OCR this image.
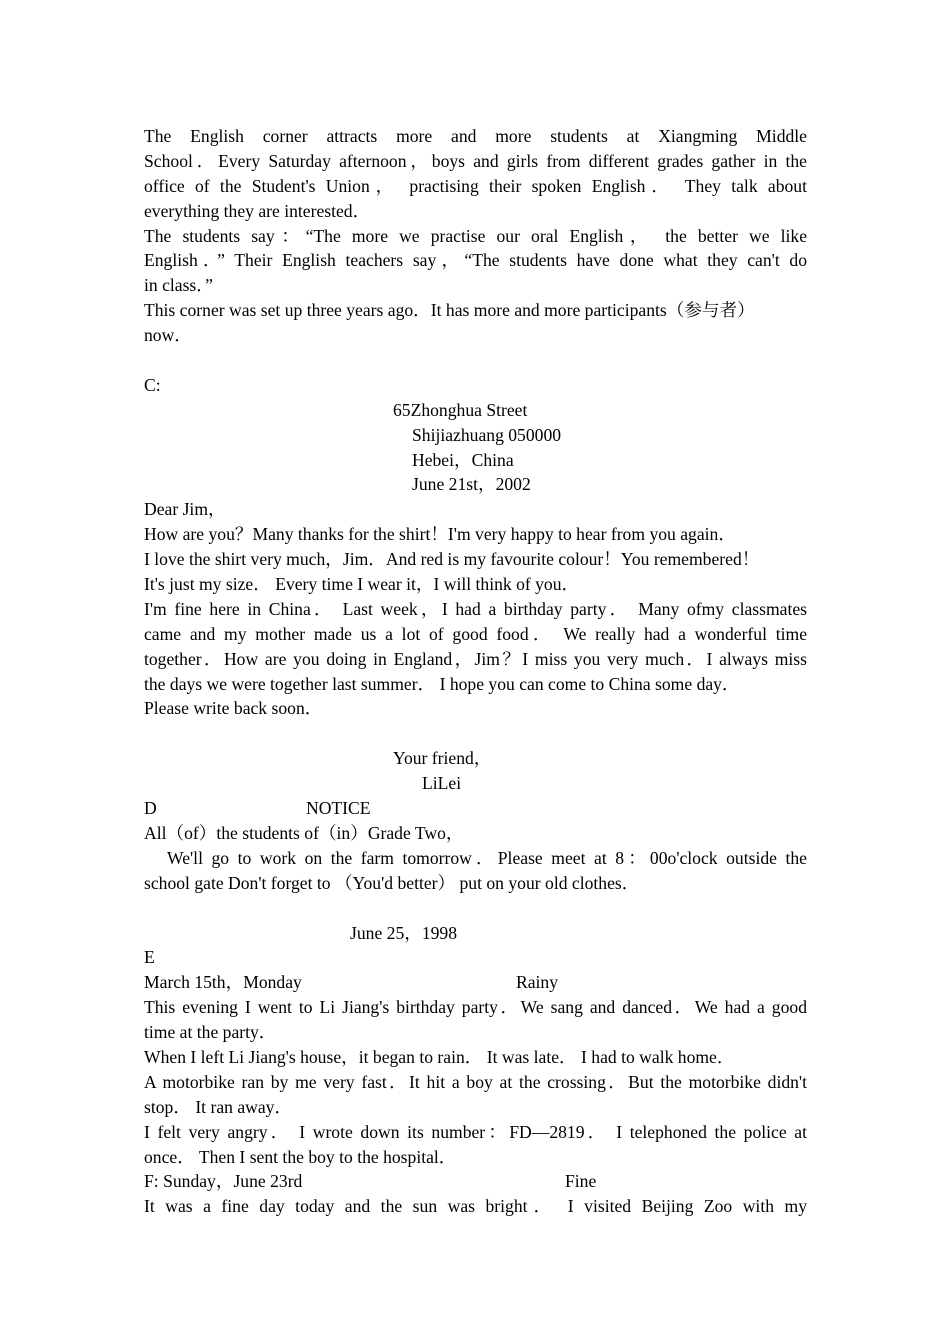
The English corner attracts more and more students at Xiangming Middle
School．Every Saturday afternoon，boys and girls from different grades gather in the
office of the Student's Union， practising their spoken English． They talk about
everything they are interested．
The students say：“The more we practise our oral English， the better we like
English．” Their English teachers say，“The students have done what they can't do
in class．”
This corner was set up three years ago．It has more and more participants（参与者）
now．
C:
65Zhonghua Street
Shijiazhuang 050000
Hebei，China
June 21st，2002
Dear Jim，
How are you？Many thanks for the shirt！I'm very happy to hear from you again．
I love the shirt very much，Jim．And red is my favourite colour！You remembered！
It's just my size． Every time I wear it，I will think of you．
I'm fine here in China． Last week，I had a birthday party． Many ofmy classmates
came and my mother made us a lot of good food． We really had a wonderful time
together．How are you doing in England，Jim？I miss you very much．I always miss
the days we were together last summer． I hope you can come to China some day．
Please write back soon．
Your friend，
LiLei
D	NOTICE
All（of）the students of（in）Grade Two，
We'll go to work on the farm tomorrow．Please meet at 8：00o'clock outside the
school gate Don't forget to （You'd better） put on your old clothes．
June 25，1998
E
March 15th，Monday	Rainy
This evening I went to Li Jiang's birthday party．We sang and danced．We had a good
time at the party．
When I left Li Jiang's house，it began to rain． It was late． I had to walk home．
A motorbike ran by me very fast．It hit a boy at the crossing．But the motorbike didn't
stop． It ran away．
I felt very angry． I wrote down its number：FD—2819． I telephoned the police at
once． Then I sent the boy to the hospital．
F: Sunday，June 23rd	Fine
It was a fine day today and the sun was bright． I visited Beijing Zoo with my
